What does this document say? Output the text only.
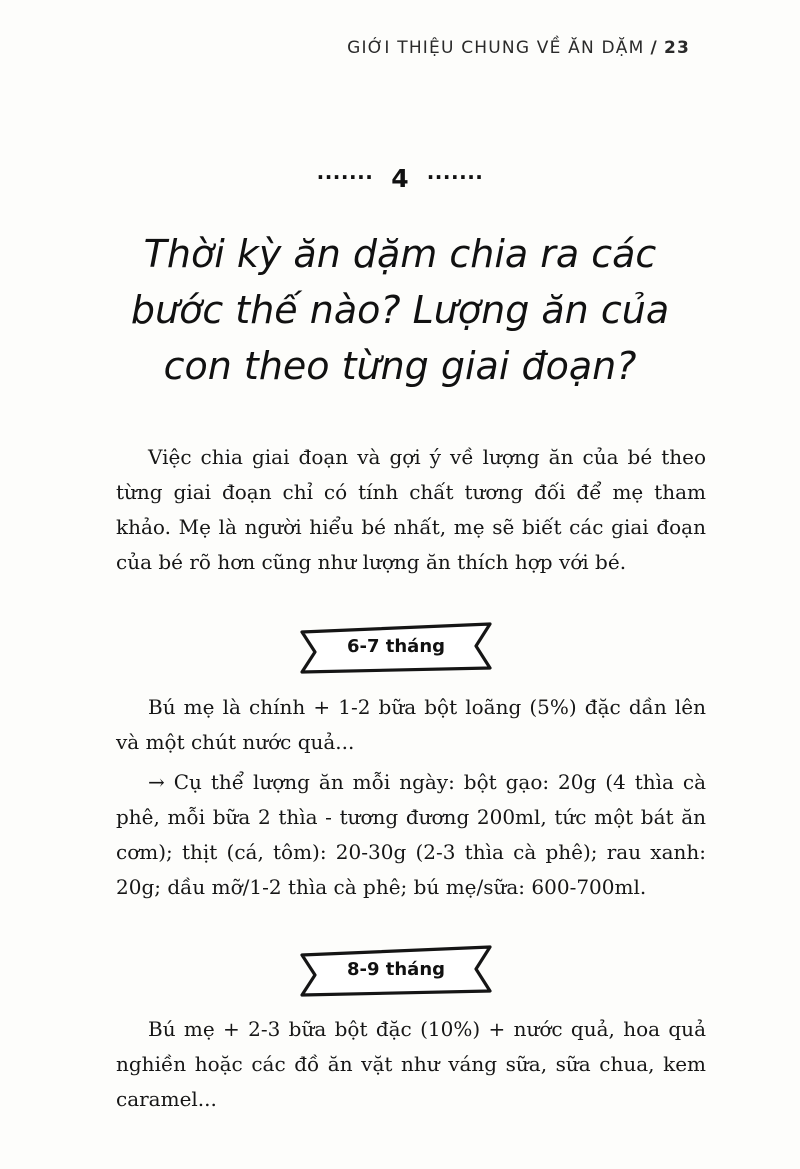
GIỚI THIỆU CHUNG VỀ ĂN DẶM / 23
······· 4 ·······
Thời kỳ ăn dặm chia ra các
bước thế nào? Lượng ăn của
con theo từng giai đoạn?

Việc chia giai đoạn và gợi ý về lượng ăn của bé theo từng giai đoạn chỉ có tính chất tương đối để mẹ tham khảo. Mẹ là người hiểu bé nhất, mẹ sẽ biết các giai đoạn của bé rõ hơn cũng như lượng ăn thích hợp với bé.

6-7 tháng

Bú mẹ là chính + 1-2 bữa bột loãng (5%) đặc dần lên và một chút nước quả...

→ Cụ thể lượng ăn mỗi ngày: bột gạo: 20g (4 thìa cà phê, mỗi bữa 2 thìa - tương đương 200ml, tức một bát ăn cơm); thịt (cá, tôm): 20-30g (2-3 thìa cà phê); rau xanh: 20g; dầu mỡ/1-2 thìa cà phê; bú mẹ/sữa: 600-700ml.

8-9 tháng

Bú mẹ + 2-3 bữa bột đặc (10%) + nước quả, hoa quả nghiền hoặc các đồ ăn vặt như váng sữa, sữa chua, kem caramel...
